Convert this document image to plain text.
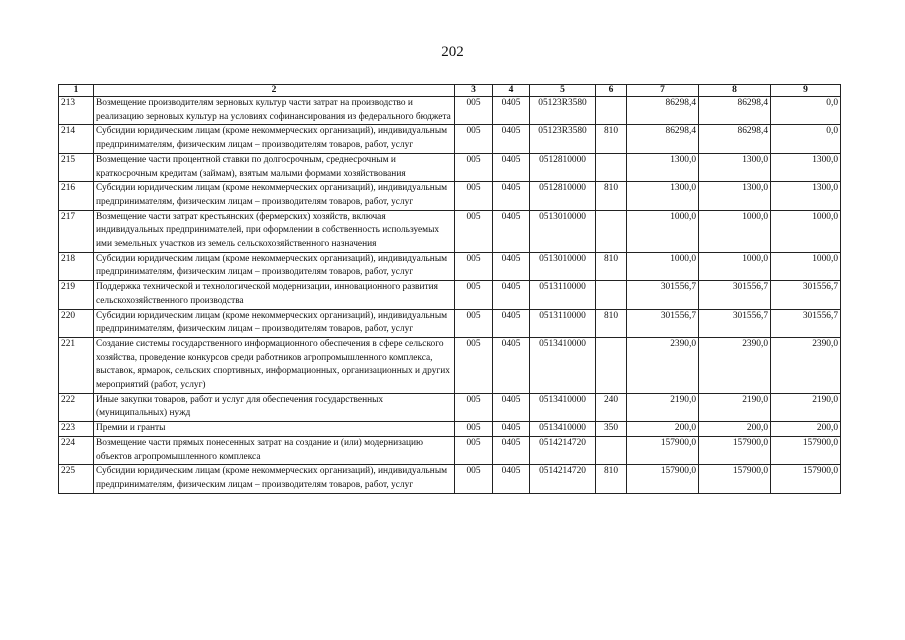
202
1	2	3	4	5	6	7	8	9
213	Возмещение производителям зерновых культур части затрат на производство и реализацию зерновых культур на условиях софинансирования из федерального бюджета	005	0405	05123R3580		86298,4	86298,4	0,0
214	Субсидии юридическим лицам (кроме некоммерческих организаций), индивидуальным предпринимателям, физическим лицам – производителям товаров, работ, услуг	005	0405	05123R3580	810	86298,4	86298,4	0,0
215	Возмещение части процентной ставки по долгосрочным, среднесрочным и краткосрочным кредитам (займам), взятым малыми формами хозяйствования	005	0405	0512810000		1300,0	1300,0	1300,0
216	Субсидии юридическим лицам (кроме некоммерческих организаций), индивидуальным предпринимателям, физическим лицам – производителям товаров, работ, услуг	005	0405	0512810000	810	1300,0	1300,0	1300,0
217	Возмещение части затрат крестьянских (фермерских) хозяйств, включая индивидуальных предпринимателей, при оформлении в собственность используемых ими земельных участков из земель сельскохозяйственного назначения	005	0405	0513010000		1000,0	1000,0	1000,0
218	Субсидии юридическим лицам (кроме некоммерческих организаций), индивидуальным предпринимателям, физическим лицам – производителям товаров, работ, услуг	005	0405	0513010000	810	1000,0	1000,0	1000,0
219	Поддержка технической и технологической модернизации, инновационного развития сельскохозяйственного производства	005	0405	0513110000		301556,7	301556,7	301556,7
220	Субсидии юридическим лицам (кроме некоммерческих организаций), индивидуальным предпринимателям, физическим лицам – производителям товаров, работ, услуг	005	0405	0513110000	810	301556,7	301556,7	301556,7
221	Создание системы государственного информационного обеспечения в сфере сельского хозяйства, проведение конкурсов среди работников агропромышленного комплекса, выставок, ярмарок, сельских спортивных, информационных, организационных и других мероприятий (работ, услуг)	005	0405	0513410000		2390,0	2390,0	2390,0
222	Иные закупки товаров, работ и услуг для обеспечения государственных (муниципальных) нужд	005	0405	0513410000	240	2190,0	2190,0	2190,0
223	Премии и гранты	005	0405	0513410000	350	200,0	200,0	200,0
224	Возмещение части прямых понесенных затрат на создание и (или) модернизацию объектов агропромышленного комплекса	005	0405	0514214720		157900,0	157900,0	157900,0
225	Субсидии юридическим лицам (кроме некоммерческих организаций), индивидуальным предпринимателям, физическим лицам – производителям товаров, работ, услуг	005	0405	0514214720	810	157900,0	157900,0	157900,0
